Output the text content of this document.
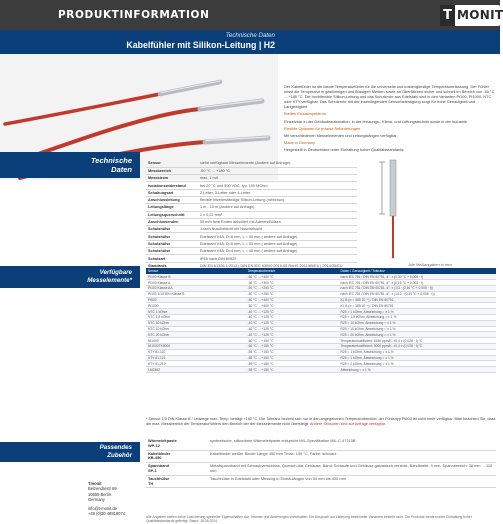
PRODUKTINFORMATION	T MONIT
Technische Daten
Kabelfühler mit Silikon-Leitung | H2

Der Kabelfühler ist die ideale Temperaturfühler für die universelle und kostengünstige Temperaturerfassung. Der Fühler misst die Temperatur in gasförmigen und flüssigen Medien sowie an Oberflächen sicher und schnell im Bereich von -50 °C ... +180 °C. Die hochflexible Silikon-Leitung und das Schutzrohr aus Edelstahl sind in den Varianten Pt100, Pt1000, NTC oder KTY verfügbar. Das Schutzrohr mit der innenliegenden Sensorbefestigung sorgt für hohe Genauigkeit und Langlebigkeit.

Breites Einsatzspektrum

Einsetzbar in der Gebäudeautomation, in der Heizungs-, Klima- und Lüftungstechnik sowie in der Industrie.

Flexible Optionen für präzise Anforderungen

Mit verschiedenen Messelementen und Leitungslängen verfügbar.

Made in Germany

Hergestellt in Deutschland unter Einhaltung hoher Qualitätsstandards.

Technische
Daten
Sensor	siehe verfügbare Messelemente (Andere auf Anfrage)
Messbereich	-50 °C ... +180 °C
Messstrom	max. 1 mA
Isolationswiderstand	bei 20 °C und 500 VDC, typ. 100 MOhm
Schaltungsart	2-Leiter, 3-Leiter oder 4-Leiter
Anschlussleitung	flexible hitzebeständige Silikon-Leitung (rot/braun)
Leitungslänge	1 m - 10 m (Andere auf Anfrage)
Leitungsquerschnitt	2 x 0,22 mm²
Anschlussenden	50 mm freie Enden abisoliert mit Aderendhülsen
Schutzhülse	1-fach Nuschelsicht mit Nuschelsicht
Schutzhülse	Edelstahl V4A, D=6 mm, L = 50 mm ( andere auf Anfrage)
Schutzhülse	Edelstahl V4A, D=5 mm, L = 50 mm ( andere auf Anfrage)
Schutzhülse	Edelstahl V4A, D=4 mm, L = 40 mm ( andere auf Anfrage)
Schutzart	IP65 nach DIN 60529
Standards	DIN EN 61326-1:2013 | DIN EN IEC 63000:2019-05 RoHS 2011/65/EU | 2014/35/EU	Alle Maßangaben in mm
Verfügbare
Messelemente*
Sensor	Temperaturbereich	Daten / Genauigkeit / Toleranz
Pt100 Klasse B	-50 °C ... +400 °C	nach IEC 751 / DIN EN 60751, d°: ± (0,30 °C + 0,005 · t)
Pt100 Klasse A	-30 °C ... +300 °C	nach IEC 751 / DIN EN 60751, d°: ± (0,15 °C + 0,002 · t)
Pt100 Klasse AA	-50 °C ... +250 °C	nach IEC 751 / DIN EN 60751, d°: ± (1/3 · (0,30 °C + 0,005 · t))
Pt100 1/10 DIN Klasse B	-50 °C ... +250 °C	nach IEC 751 / DIN EN 60751, d°: ± (1/10 · (0,30 °C + 0,005 · t))
Pt500	-50 °C ... +400 °C	Kl. B (α = 385 10⁻⁴) / DIN EN 60751
Pt1000	-50 °C ... +400 °C	Kl. B (α = 385 10⁻⁴) / DIN EN 60751
NTC 1 kOhm	-40 °C ... +125 °C	R25 = 1 kOhm, Abweichung = ± 1 %
NTC 1,8 kOhm	-40 °C ... +125 °C	R25 = 1,8 kOhm, Abweichung = ± 1 %
NTC 10 kOhm	-40 °C ... +125 °C	R25 = 10 kOhm, Abweichung = ± 1 %
NTC 10 kOhm	-40 °C ... +125 °C	R25 = 10 kOhm, Abweichung = ± 1 %
NTC 20 kOhm	-40 °C ... +125 °C	R25 = 20 kOhm, Abweichung = ± 1 %
NI1000	-60 °C ... +150 °C	Temperaturkoeffizient: 6180 ppm/K, ±0,4 ± (0,028 · t) °C
NI1000TK5000	-60 °C ... +150 °C	Temperaturkoeffizient: 5000 ppm/K, ±0,4 ± (0,028 · t) °C
KTY 81-110	-55 °C ... +150 °C	R25 = 1 kOhm, Abweichung = ± 1 %
KTY 81-121	-55 °C ... +150 °C	R25 = 1 kOhm, Abweichung = ± 1 %
KTY 81-210	-55 °C ... +150 °C	R25 = 2 kOhm, Abweichung = ± 1 %
LM235Z	-55 °C ... +150 °C	Abweichung = ± 1 %
* Sensor 1/3 DIN Klasse B / Leitwege max. Temp. beträgt +180 °C. Die Toleranz bezieht sich nur in den angegebenen Temperaturbereich; der Fühlertyp Pt500 ist nicht mehr verfügbar. Bitte beachten Sie, dass die max. Messbereich der Temperaturfühlers den Bereich der der Messelemente nicht übersteigt. Andere Sensoren sind auf Anfrage verfügbar.
Passendes
Zubehör
Wärmeleitpaste
WP-12	synthetische, silikonfreie Wärmeleitpaste entspricht MIL-Spezifikation MIL-C-47113B

Kabelbinder
KB-450	Kabelbinder weißer Binder Länge 450 mm Tmax: 105 °C, Farbe: schwarz

Spannband
SP-1	Metallspannband mit Schraubverschluss, Quetsch-dar-Gehäuse; Band: Schlaufe und Gehäuse galvanisch verzinkt, Bandbreite: 9 mm, Spannbereich: 38 mm ... 110 mm

Tauchhülse
TH	Tauchhülse in Edelstahl oder Messing in Einbaulängen von 50 mm bis 400 mm
Tmonit
Belzendrestr 69
10559 Berlin
Germany
info@t-monit.de
+49 (0)30 48818074
Alle Angaben stellen keine Zusicherung spezieller Eigenschaften dar; Irrtümer und Änderungen vorbehalten. Ein Anspruch auf Lieferung bestimmter Varianten besteht nicht. Die Produkte werden unter Einhaltung hoher Qualitätsstandards gefertigt. Stand: 18.08.2024
